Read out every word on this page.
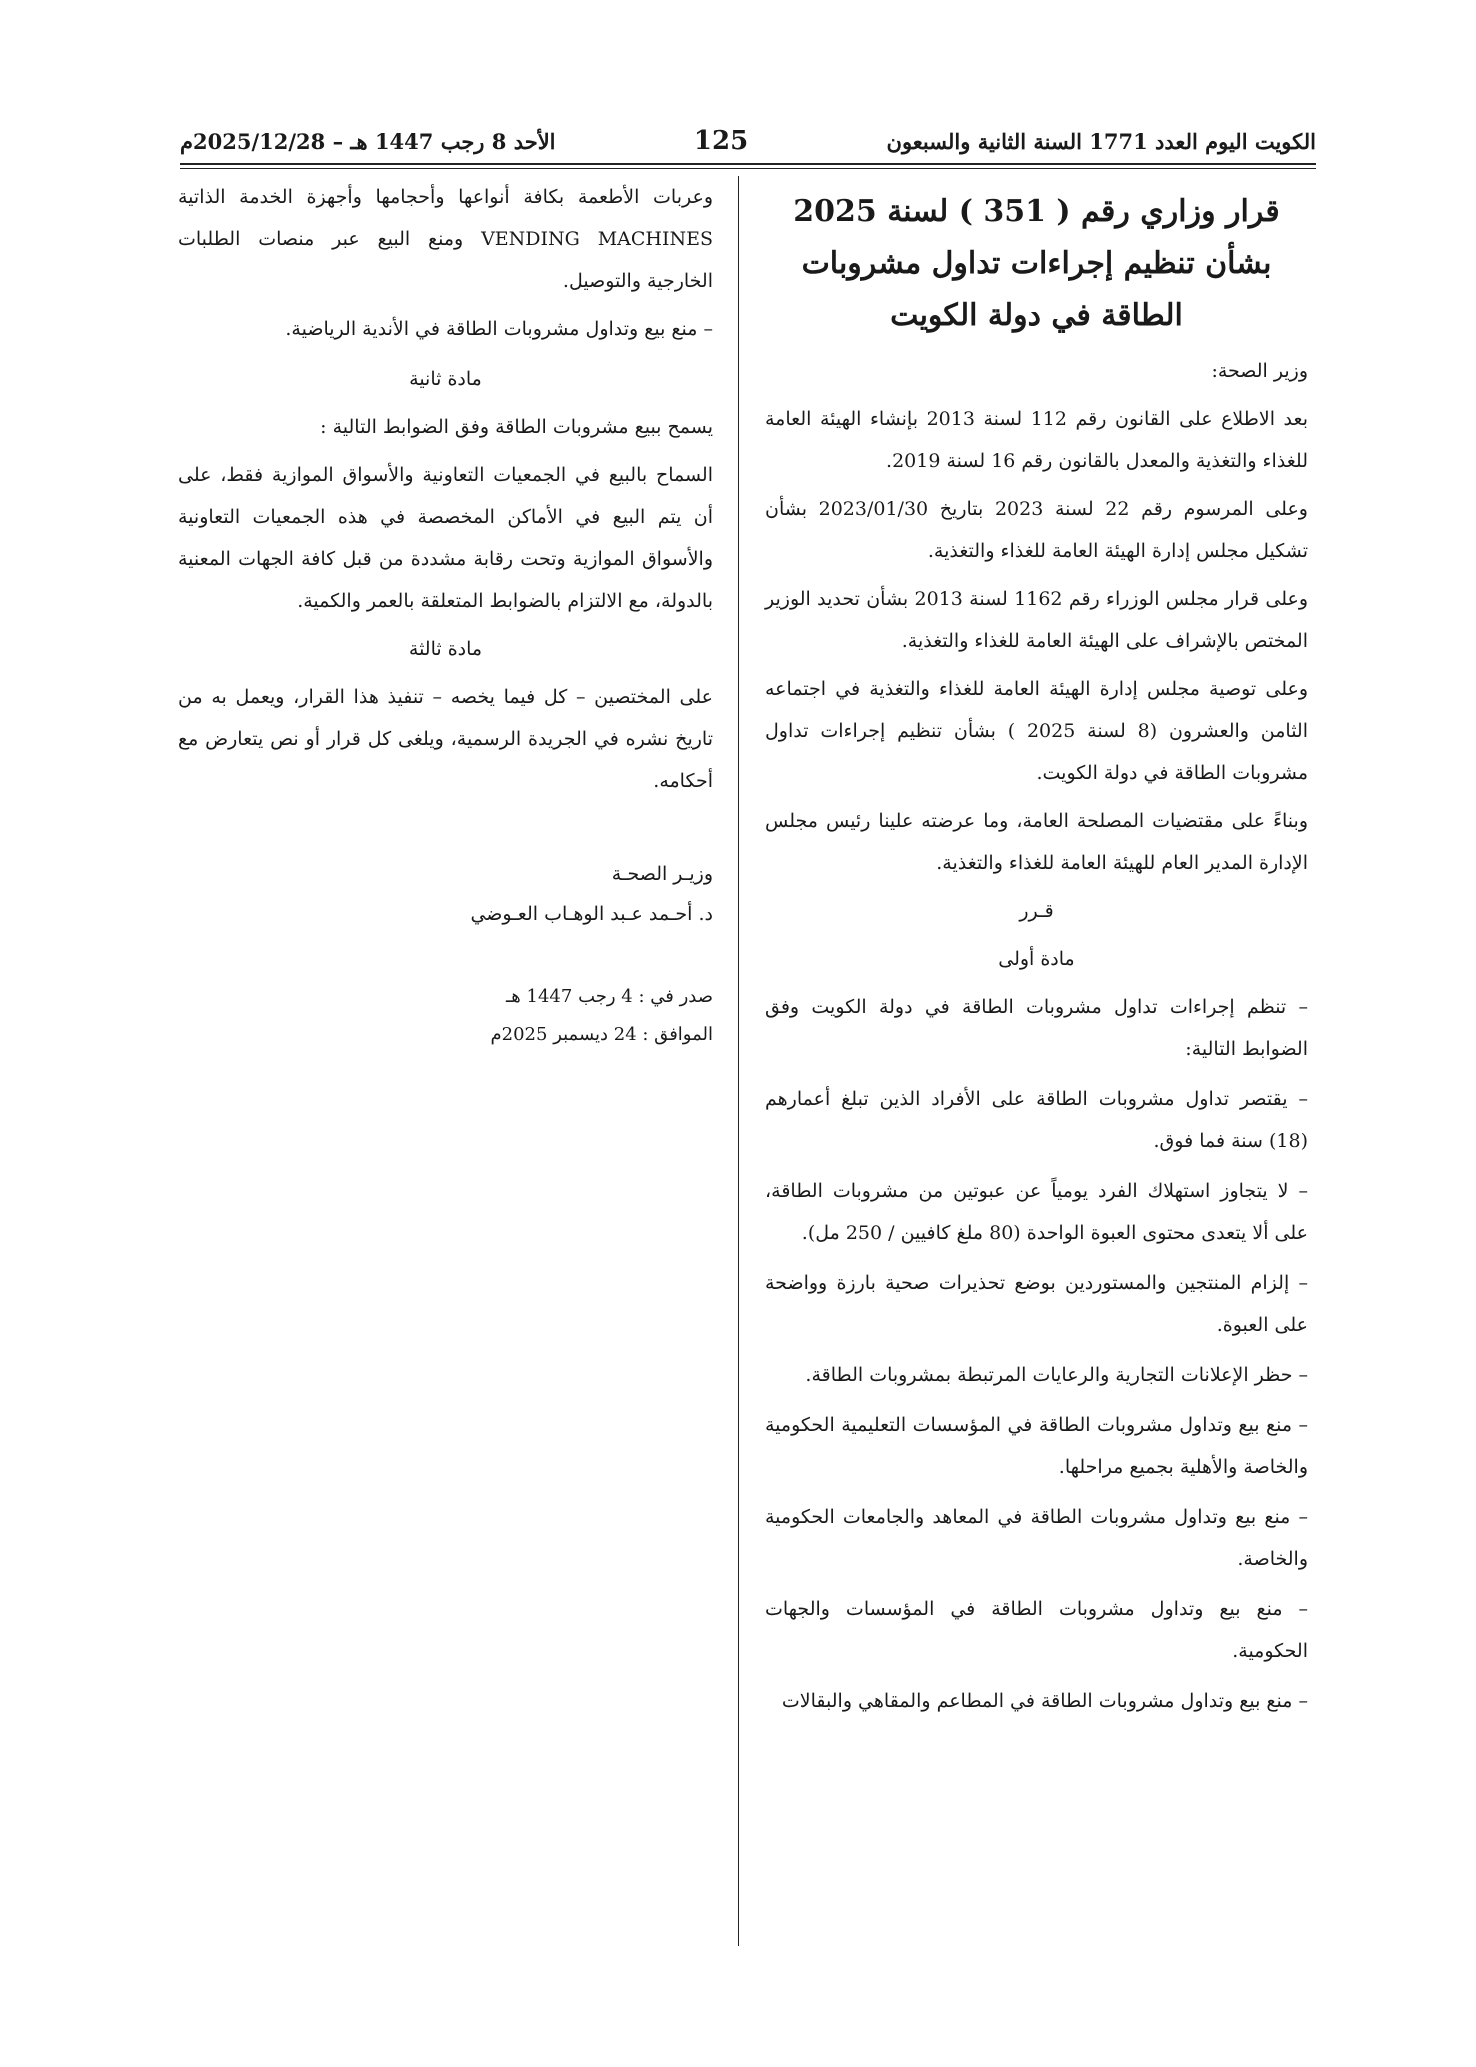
الكويت اليوم العدد 1771 السنة الثانية والسبعون
125
الأحد 8 رجب 1447 هـ – 2025/12/28م

قرار وزاري رقم ( 351 ) لسنة 2025

بشأن تنظيم إجراءات تداول مشروبات

الطاقة في دولة الكويت

وزير الصحة:

بعد الاطلاع على القانون رقم 112 لسنة 2013 بإنشاء الهيئة العامة للغذاء والتغذية والمعدل بالقانون رقم 16 لسنة 2019.

وعلى المرسوم رقم 22 لسنة 2023 بتاريخ 2023/01/30 بشأن تشكيل مجلس إدارة الهيئة العامة للغذاء والتغذية.

وعلى قرار مجلس الوزراء رقم 1162 لسنة 2013 بشأن تحديد الوزير المختص بالإشراف على الهيئة العامة للغذاء والتغذية.

وعلى توصية مجلس إدارة الهيئة العامة للغذاء والتغذية في اجتماعه الثامن والعشرون (8 لسنة 2025 ) بشأن تنظيم إجراءات تداول مشروبات الطاقة في دولة الكويت.

وبناءً على مقتضيات المصلحة العامة، وما عرضته علينا رئيس مجلس الإدارة المدير العام للهيئة العامة للغذاء والتغذية.

قـرر

مادة أولى

– تنظم إجراءات تداول مشروبات الطاقة في دولة الكويت وفق الضوابط التالية:

– يقتصر تداول مشروبات الطاقة على الأفراد الذين تبلغ أعمارهم (18) سنة فما فوق.

– لا يتجاوز استهلاك الفرد يومياً عن عبوتين من مشروبات الطاقة، على ألا يتعدى محتوى العبوة الواحدة (80 ملغ كافيين / 250 مل).

– إلزام المنتجين والمستوردين بوضع تحذيرات صحية بارزة وواضحة على العبوة.

– حظر الإعلانات التجارية والرعايات المرتبطة بمشروبات الطاقة.

– منع بيع وتداول مشروبات الطاقة في المؤسسات التعليمية الحكومية والخاصة والأهلية بجميع مراحلها.

– منع بيع وتداول مشروبات الطاقة في المعاهد والجامعات الحكومية والخاصة.

– منع بيع وتداول مشروبات الطاقة في المؤسسات والجهات الحكومية.

– منع بيع وتداول مشروبات الطاقة في المطاعم والمقاهي والبقالات

وعربات الأطعمة بكافة أنواعها وأحجامها وأجهزة الخدمة الذاتية VENDING MACHINES ومنع البيع عبر منصات الطلبات الخارجية والتوصيل.

– منع بيع وتداول مشروبات الطاقة في الأندية الرياضية.

مادة ثانية

يسمح ببيع مشروبات الطاقة وفق الضوابط التالية :

السماح بالبيع في الجمعيات التعاونية والأسواق الموازية فقط، على أن يتم البيع في الأماكن المخصصة في هذه الجمعيات التعاونية والأسواق الموازية وتحت رقابة مشددة من قبل كافة الجهات المعنية بالدولة، مع الالتزام بالضوابط المتعلقة بالعمر والكمية.

مادة ثالثة

على المختصين – كل فيما يخصه – تنفيذ هذا القرار، ويعمل به من تاريخ نشره في الجريدة الرسمية، ويلغى كل قرار أو نص يتعارض مع أحكامه.

وزيـر الصحـة
د. أحـمد عـبد الوهـاب العـوضي
صدر في : 4 رجب 1447 هـ
الموافق : 24 ديسمبر 2025م
